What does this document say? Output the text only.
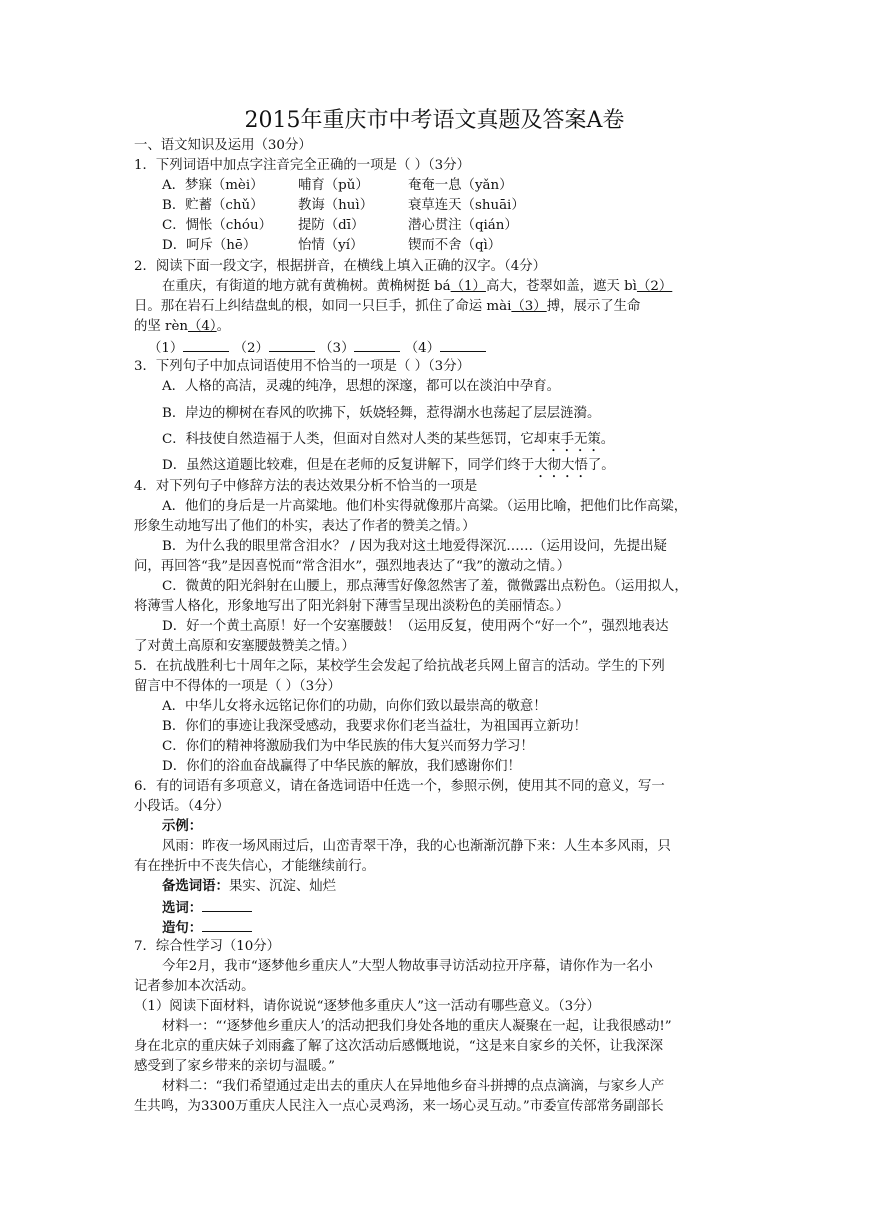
2015年重庆市中考语文真题及答案A卷
一、语文知识及运用（30分）
1．下列词语中加点字注音完全正确的一项是（ ）（3分）
A．梦寐（mèi）	哺育（pǔ）	奄奄一息（yǎn）
B．贮蓄（chǔ）	教诲（huì）	衰草连天（shuāi）
C．惆怅（chóu） 提防（dī）	潜心贯注（qián）
D．呵斥（hē）	怡情（yí）	锲而不舍（qì）
2．阅读下面一段文字，根据拼音，在横线上填入正确的汉字。（4分）
在重庆，有街道的地方就有黄桷树。黄桷树挺 bá（1）高大，苍翠如盖，遮天 bì（2）
日。那在岩石上纠结盘虬的根，如同一只巨手，抓住了命运 mài（3）搏，展示了生命
的坚 rèn（4）。
（1）	（2）	（3）	（4）
3．下列句子中加点词语使用不恰当的一项是（ ）（3分）
A．人格的高洁，灵魂的纯净，思想的深邃，都可以在淡泊中孕育。
B．岸边的柳树在春风的吹拂下，妖娆轻舞，惹得湖水也荡起了层层涟漪。
C．科技使自然造福于人类，但面对自然对人类的某些惩罚，它却束手无策。
D．虽然这道题比较难，但是在老师的反复讲解下，同学们终于大彻大悟了。
4．对下列句子中修辞方法的表达效果分析不恰当的一项是
A．他们的身后是一片高粱地。他们朴实得就像那片高粱。（运用比喻，把他们比作高粱，
形象生动地写出了他们的朴实，表达了作者的赞美之情。）
B．为什么我的眼里常含泪水？ / 因为我对这土地爱得深沉……（运用设问，先提出疑
问，再回答“我”是因喜悦而“常含泪水”，强烈地表达了“我”的激动之情。）
C．微黄的阳光斜射在山腰上，那点薄雪好像忽然害了羞，微微露出点粉色。（运用拟人，
将薄雪人格化，形象地写出了阳光斜射下薄雪呈现出淡粉色的美丽情态。）
D．好一个黄土高原！好一个安塞腰鼓！（运用反复，使用两个“好一个”，强烈地表达
了对黄土高原和安塞腰鼓赞美之情。）
5．在抗战胜利七十周年之际，某校学生会发起了给抗战老兵网上留言的活动。学生的下列
留言中不得体的一项是（ ）（3分）
A．中华儿女将永远铭记你们的功勋，向你们致以最崇高的敬意！
B．你们的事迹让我深受感动，我要求你们老当益壮，为祖国再立新功！
C．你们的精神将激励我们为中华民族的伟大复兴而努力学习！
D．你们的浴血奋战赢得了中华民族的解放，我们感谢你们！
6．有的词语有多项意义，请在备选词语中任选一个，参照示例，使用其不同的意义，写一
小段话。（4分）
示例：
风雨：昨夜一场风雨过后，山峦青翠干净，我的心也渐渐沉静下来：人生本多风雨，只
有在挫折中不丧失信心，才能继续前行。
备选词语：果实、沉淀、灿烂
选词：
造句：
7．综合性学习（10分）
今年2月，我市“逐梦他乡重庆人”大型人物故事寻访活动拉开序幕，请你作为一名小
记者参加本次活动。
（1）阅读下面材料，请你说说“逐梦他多重庆人”这一活动有哪些意义。（3分）
材料一：“‘逐梦他乡重庆人’的活动把我们身处各地的重庆人凝聚在一起，让我很感动!”
身在北京的重庆妹子刘雨鑫了解了这次活动后感慨地说，“这是来自家乡的关怀，让我深深
感受到了家乡带来的亲切与温暖。”
材料二：“我们希望通过走出去的重庆人在异地他乡奋斗拼搏的点点滴滴，与家乡人产
生共鸣，为3300万重庆人民注入一点心灵鸡汤，来一场心灵互动。”市委宣传部常务副部长
